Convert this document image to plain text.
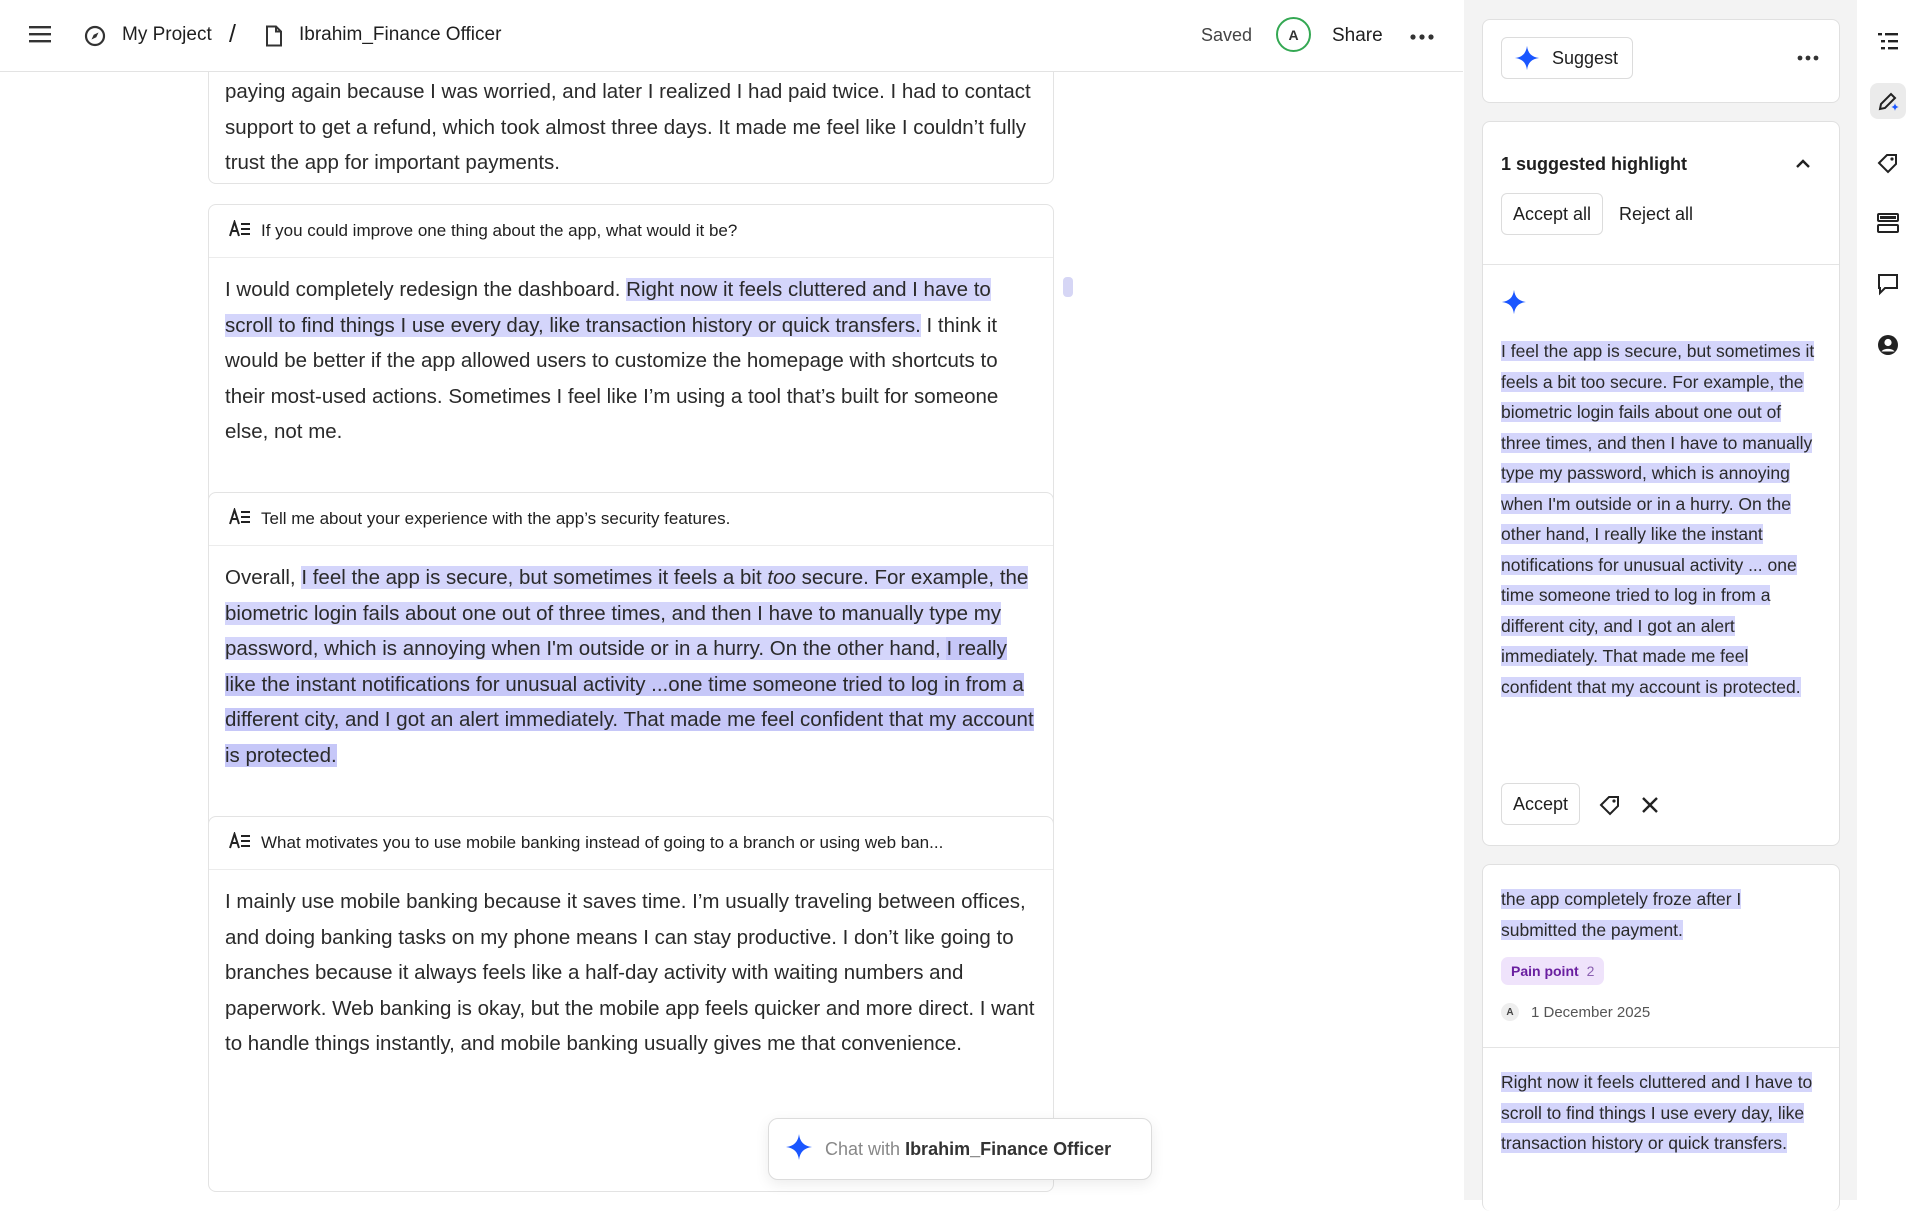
My Project /	Ibrahim_Finance Officer	Saved	A	Share
paying again because I was worried, and later I realized I had paid twice. I had to contact support to get a refund, which took almost three days. It made me feel like I couldn’t fully trust the app for important payments.
If you could improve one thing about the app, what would it be?
I would completely redesign the dashboard. Right now it feels cluttered and I have to scroll to find things I use every day, like transaction history or quick transfers. I think it would be better if the app allowed users to customize the homepage with shortcuts to their most-used actions. Sometimes I feel like I’m using a tool that’s built for someone else, not me.
Tell me about your experience with the app’s security features.
Overall, I feel the app is secure, but sometimes it feels a bit too secure. For example, the biometric login fails about one out of three times, and then I have to manually type my password, which is annoying when I'm outside or in a hurry. On the other hand, I really like the instant notifications for unusual activity ...one time someone tried to log in from a different city, and I got an alert immediately. That made me feel confident that my account is protected.
What motivates you to use mobile banking instead of going to a branch or using web ban...
I mainly use mobile banking because it saves time. I’m usually traveling between offices, and doing banking tasks on my phone means I can stay productive. I don’t like going to branches because it always feels like a half-day activity with waiting numbers and paperwork. Web banking is okay, but the mobile app feels quicker and more direct. I want to handle things instantly, and mobile banking usually gives me that convenience.
Chat with Ibrahim_Finance Officer
Suggest
1 suggested highlight
Accept all	Reject all
I feel the app is secure, but sometimes it feels a bit too secure. For example, the biometric login fails about one out of three times, and then I have to manually type my password, which is annoying when I'm outside or in a hurry. On the other hand, I really like the instant notifications for unusual activity ... one time someone tried to log in from a different city, and I got an alert immediately. That made me feel confident that my account is protected.
Accept
the app completely froze after I submitted the payment.
Pain point 2
A	1 December 2025
Right now it feels cluttered and I have to scroll to find things I use every day, like transaction history or quick transfers.
